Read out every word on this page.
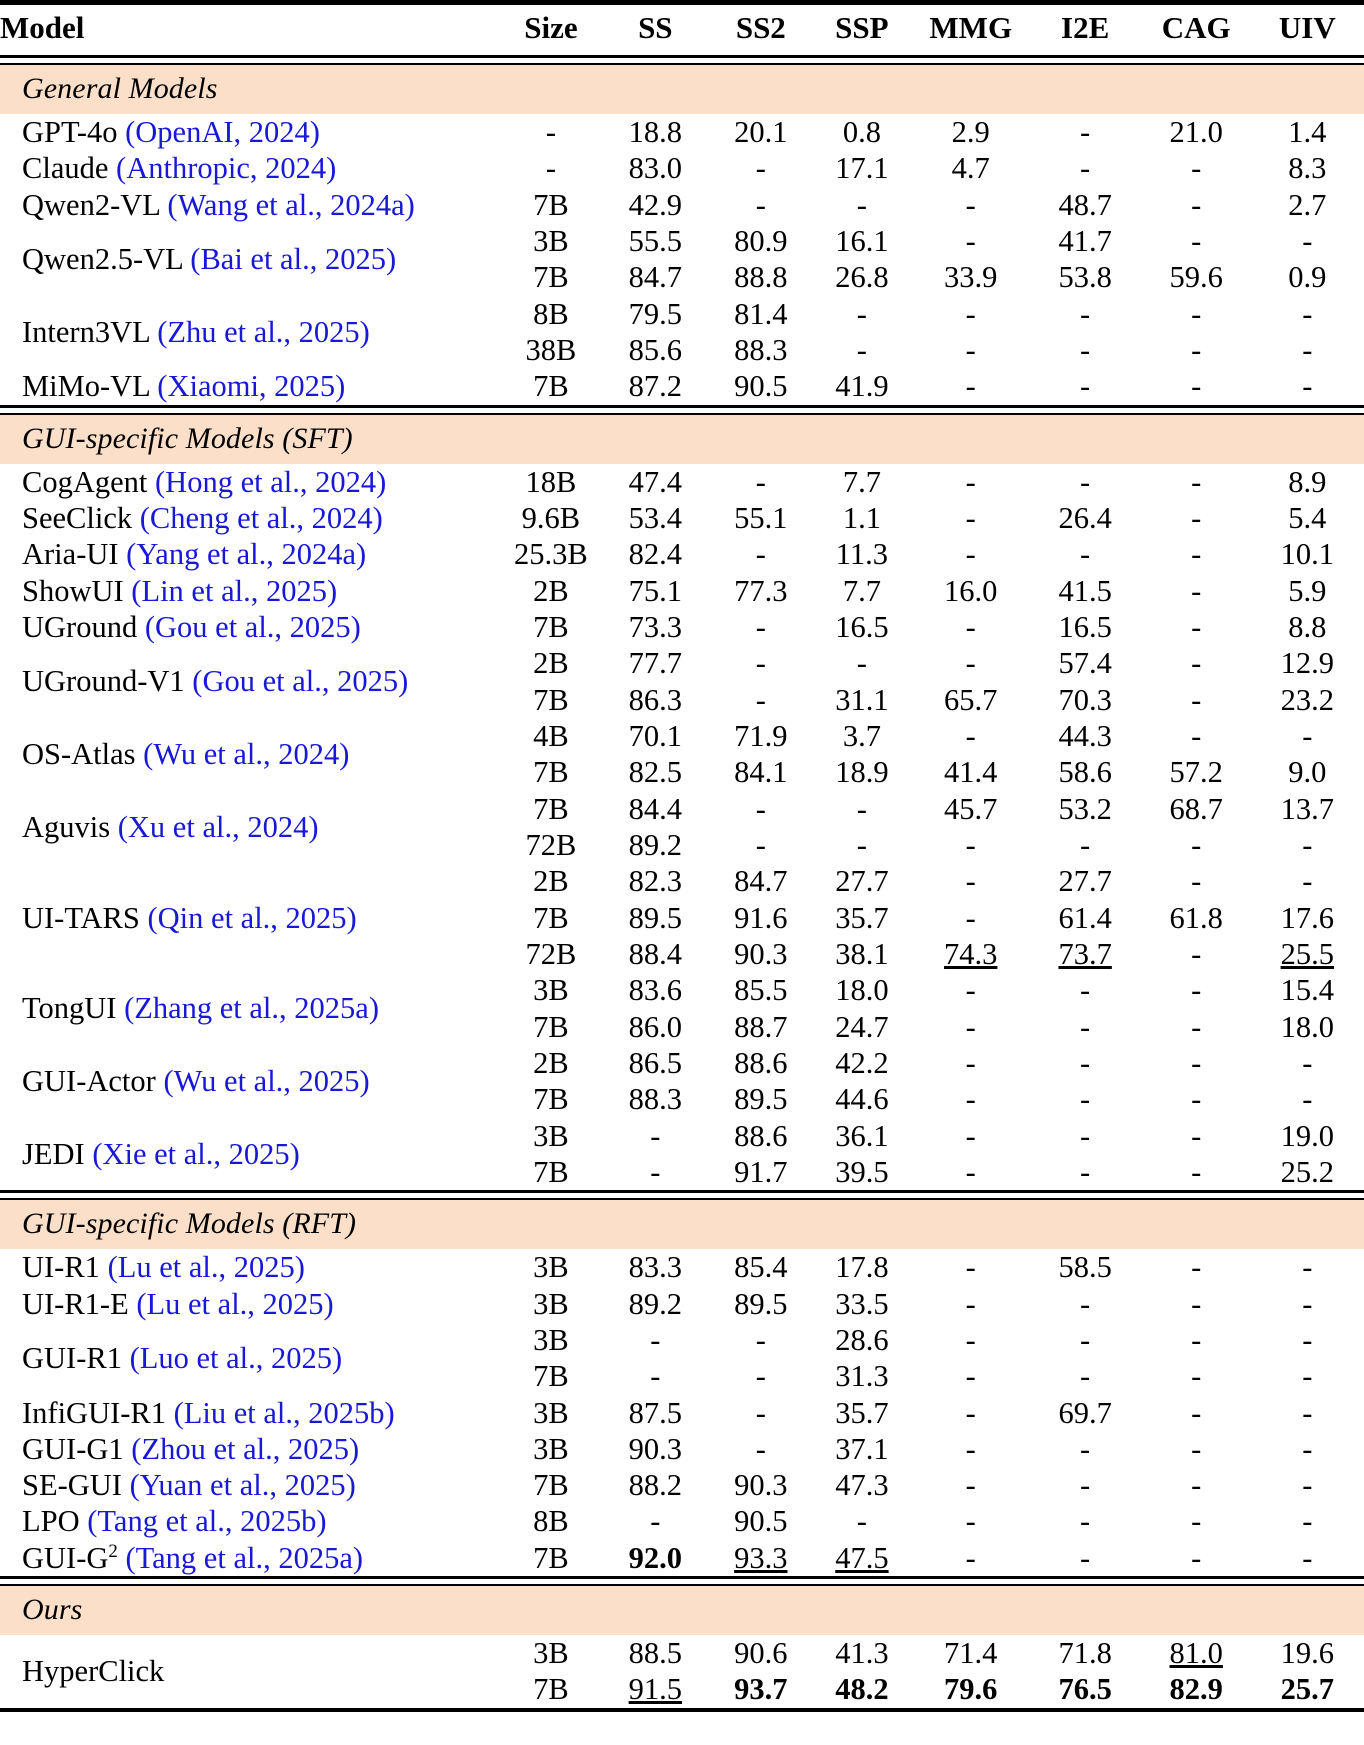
Model	Size	SS	SS2	SSP	MMG	I2E	CAG	UIV

General Models								
GPT-4o (OpenAI, 2024)	-	18.8	20.1	0.8	2.9	-	21.0	1.4
Claude (Anthropic, 2024)	-	83.0	-	17.1	4.7	-	-	8.3
Qwen2-VL (Wang et al., 2024a)	7B	42.9	-	-	-	48.7	-	2.7
Qwen2.5-VL (Bai et al., 2025)	3B	55.5	80.9	16.1	-	41.7	-	-
	7B	84.7	88.8	26.8	33.9	53.8	59.6	0.9
Intern3VL (Zhu et al., 2025)	8B	79.5	81.4	-	-	-	-	-
	38B	85.6	88.3	-	-	-	-	-
MiMo-VL (Xiaomi, 2025)	7B	87.2	90.5	41.9	-	-	-	-

GUI-specific Models (SFT)								
CogAgent (Hong et al., 2024)	18B	47.4	-	7.7	-	-	-	8.9
SeeClick (Cheng et al., 2024)	9.6B	53.4	55.1	1.1	-	26.4	-	5.4
Aria-UI (Yang et al., 2024a)	25.3B	82.4	-	11.3	-	-	-	10.1
ShowUI (Lin et al., 2025)	2B	75.1	77.3	7.7	16.0	41.5	-	5.9
UGround (Gou et al., 2025)	7B	73.3	-	16.5	-	16.5	-	8.8
UGround-V1 (Gou et al., 2025)	2B	77.7	-	-	-	57.4	-	12.9
	7B	86.3	-	31.1	65.7	70.3	-	23.2
OS-Atlas (Wu et al., 2024)	4B	70.1	71.9	3.7	-	44.3	-	-
	7B	82.5	84.1	18.9	41.4	58.6	57.2	9.0
Aguvis (Xu et al., 2024)	7B	84.4	-	-	45.7	53.2	68.7	13.7
	72B	89.2	-	-	-	-	-	-
UI-TARS (Qin et al., 2025)	2B	82.3	84.7	27.7	-	27.7	-	-
	7B	89.5	91.6	35.7	-	61.4	61.8	17.6
	72B	88.4	90.3	38.1	74.3	73.7	-	25.5
TongUI (Zhang et al., 2025a)	3B	83.6	85.5	18.0	-	-	-	15.4
	7B	86.0	88.7	24.7	-	-	-	18.0
GUI-Actor (Wu et al., 2025)	2B	86.5	88.6	42.2	-	-	-	-
	7B	88.3	89.5	44.6	-	-	-	-
JEDI (Xie et al., 2025)	3B	-	88.6	36.1	-	-	-	19.0
	7B	-	91.7	39.5	-	-	-	25.2

GUI-specific Models (RFT)								
UI-R1 (Lu et al., 2025)	3B	83.3	85.4	17.8	-	58.5	-	-
UI-R1-E (Lu et al., 2025)	3B	89.2	89.5	33.5	-	-	-	-
GUI-R1 (Luo et al., 2025)	3B	-	-	28.6	-	-	-	-
	7B	-	-	31.3	-	-	-	-
InfiGUI-R1 (Liu et al., 2025b)	3B	87.5	-	35.7	-	69.7	-	-
GUI-G1 (Zhou et al., 2025)	3B	90.3	-	37.1	-	-	-	-
SE-GUI (Yuan et al., 2025)	7B	88.2	90.3	47.3	-	-	-	-
LPO (Tang et al., 2025b)	8B	-	90.5	-	-	-	-	-
GUI-$G^2$ (Tang et al., 2025a)	7B	92.0	93.3	47.5	-	-	-	-

Ours								
HyperClick	3B	88.5	90.6	41.3	71.4	71.8	81.0	19.6
	7B	91.5	93.7	48.2	79.6	76.5	82.9	25.7
